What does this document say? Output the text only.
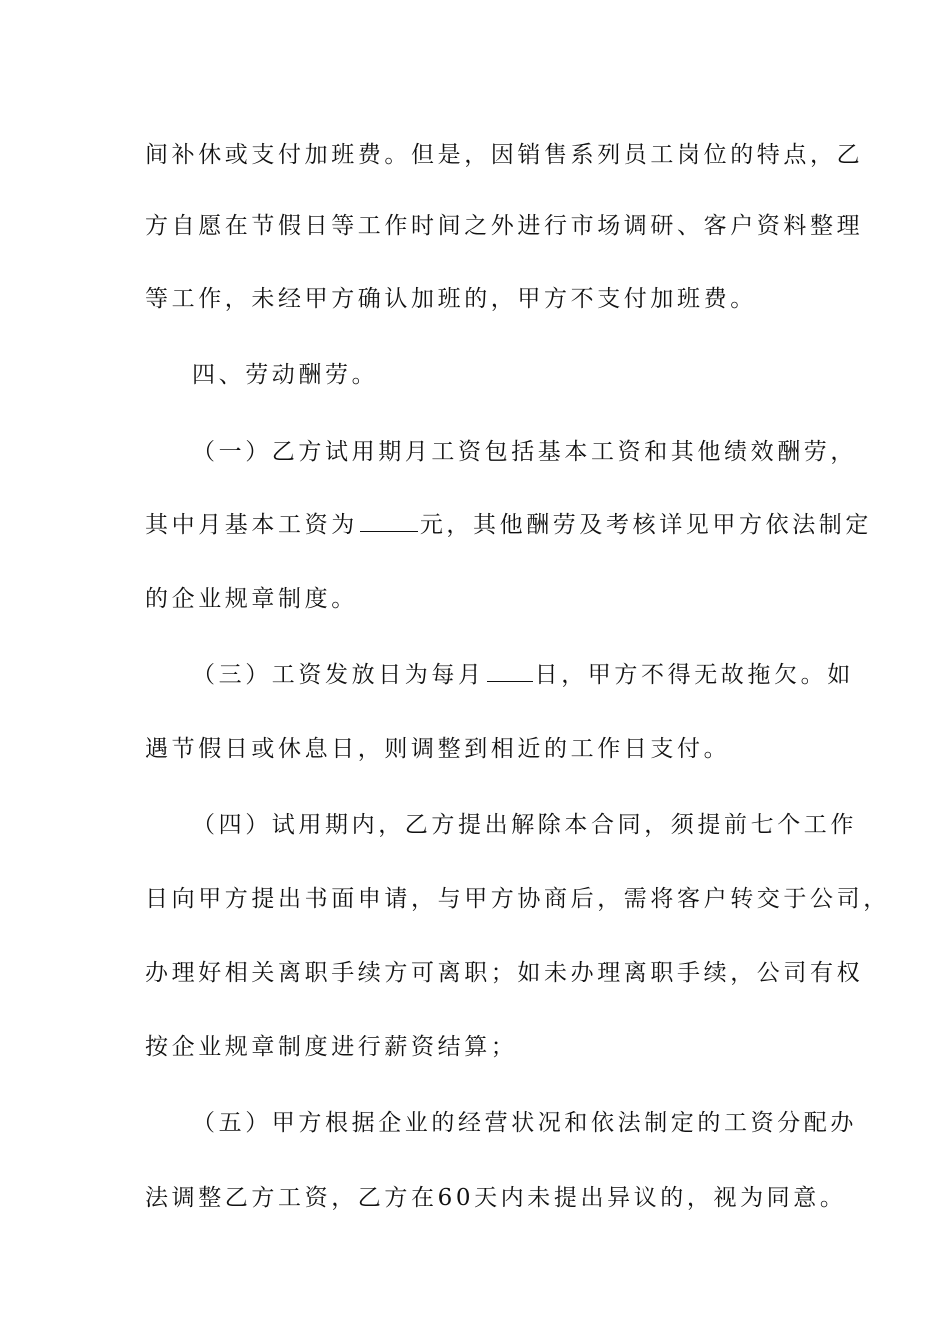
间补休或支付加班费。但是，因销售系列员工岗位的特点，乙
方自愿在节假日等工作时间之外进行市场调研、客户资料整理
等工作，未经甲方确认加班的，甲方不支付加班费。
四、劳动酬劳。
（一）乙方试用期月工资包括基本工资和其他绩效酬劳，
其中月基本工资为	元，其他酬劳及考核详见甲方依法制定
的企业规章制度。
（三）工资发放日为每月 日，甲方不得无故拖欠。如
遇节假日或休息日，则调整到相近的工作日支付。
（四）试用期内，乙方提出解除本合同，须提前七个工作
日向甲方提出书面申请，与甲方协商后，需将客户转交于公司，
办理好相关离职手续方可离职；如未办理离职手续，公司有权
按企业规章制度进行薪资结算；
（五）甲方根据企业的经营状况和依法制定的工资分配办
法调整乙方工资，乙方在60天内未提出异议的，视为同意。
